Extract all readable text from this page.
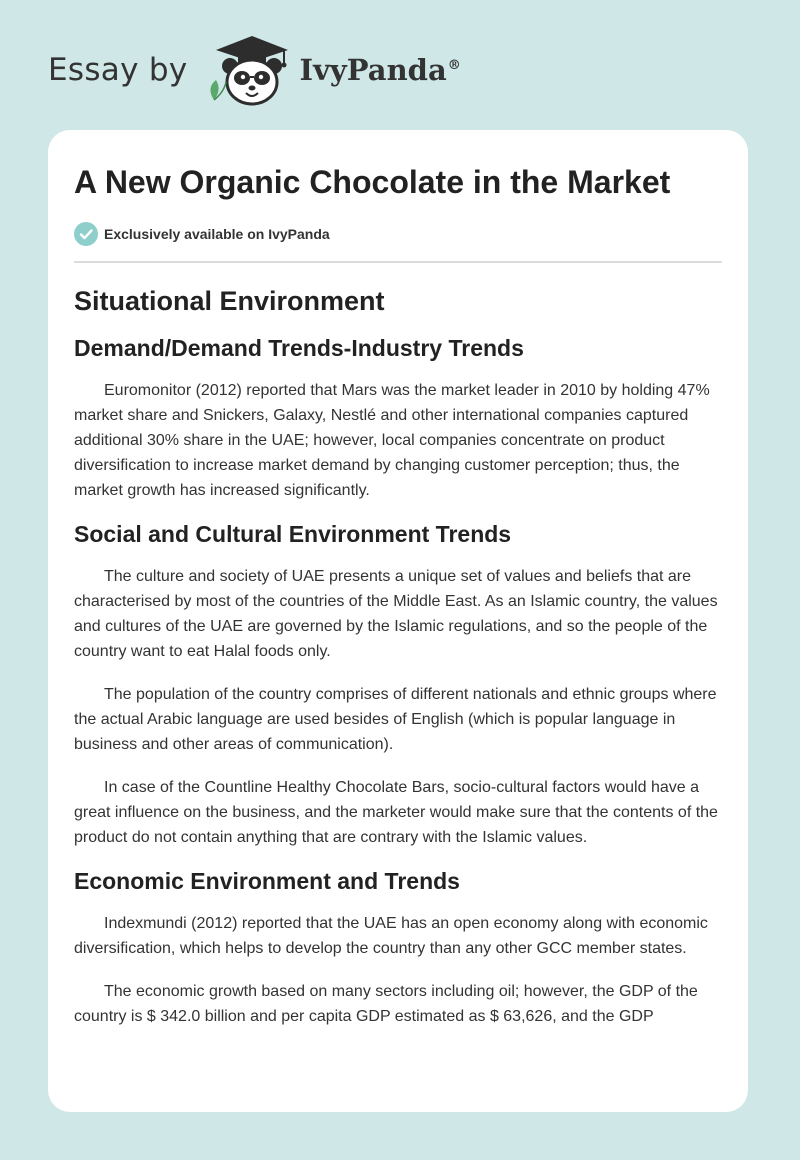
Essay by	IvyPanda®
A New Organic Chocolate in the Market
Exclusively available on IvyPanda
Situational Environment
Demand/Demand Trends-Industry Trends

Euromonitor (2012) reported that Mars was the market leader in 2010 by holding 47% market share and Snickers, Galaxy, Nestlé and other international companies captured additional 30% share in the UAE; however, local companies concentrate on product diversification to increase market demand by changing customer perception; thus, the market growth has increased significantly.

Social and Cultural Environment Trends

The culture and society of UAE presents a unique set of values and beliefs that are characterised by most of the countries of the Middle East. As an Islamic country, the values and cultures of the UAE are governed by the Islamic regulations, and so the people of the country want to eat Halal foods only.

The population of the country comprises of different nationals and ethnic groups where the actual Arabic language are used besides of English (which is popular language in business and other areas of communication).

In case of the Countline Healthy Chocolate Bars, socio-cultural factors would have a great influence on the business, and the marketer would make sure that the contents of the product do not contain anything that are contrary with the Islamic values.

Economic Environment and Trends

Indexmundi (2012) reported that the UAE has an open economy along with economic diversification, which helps to develop the country than any other GCC member states.

The economic growth based on many sectors including oil; however, the GDP of the country is $ 342.0 billion and per capita GDP estimated as $ 63,626, and the GDP
